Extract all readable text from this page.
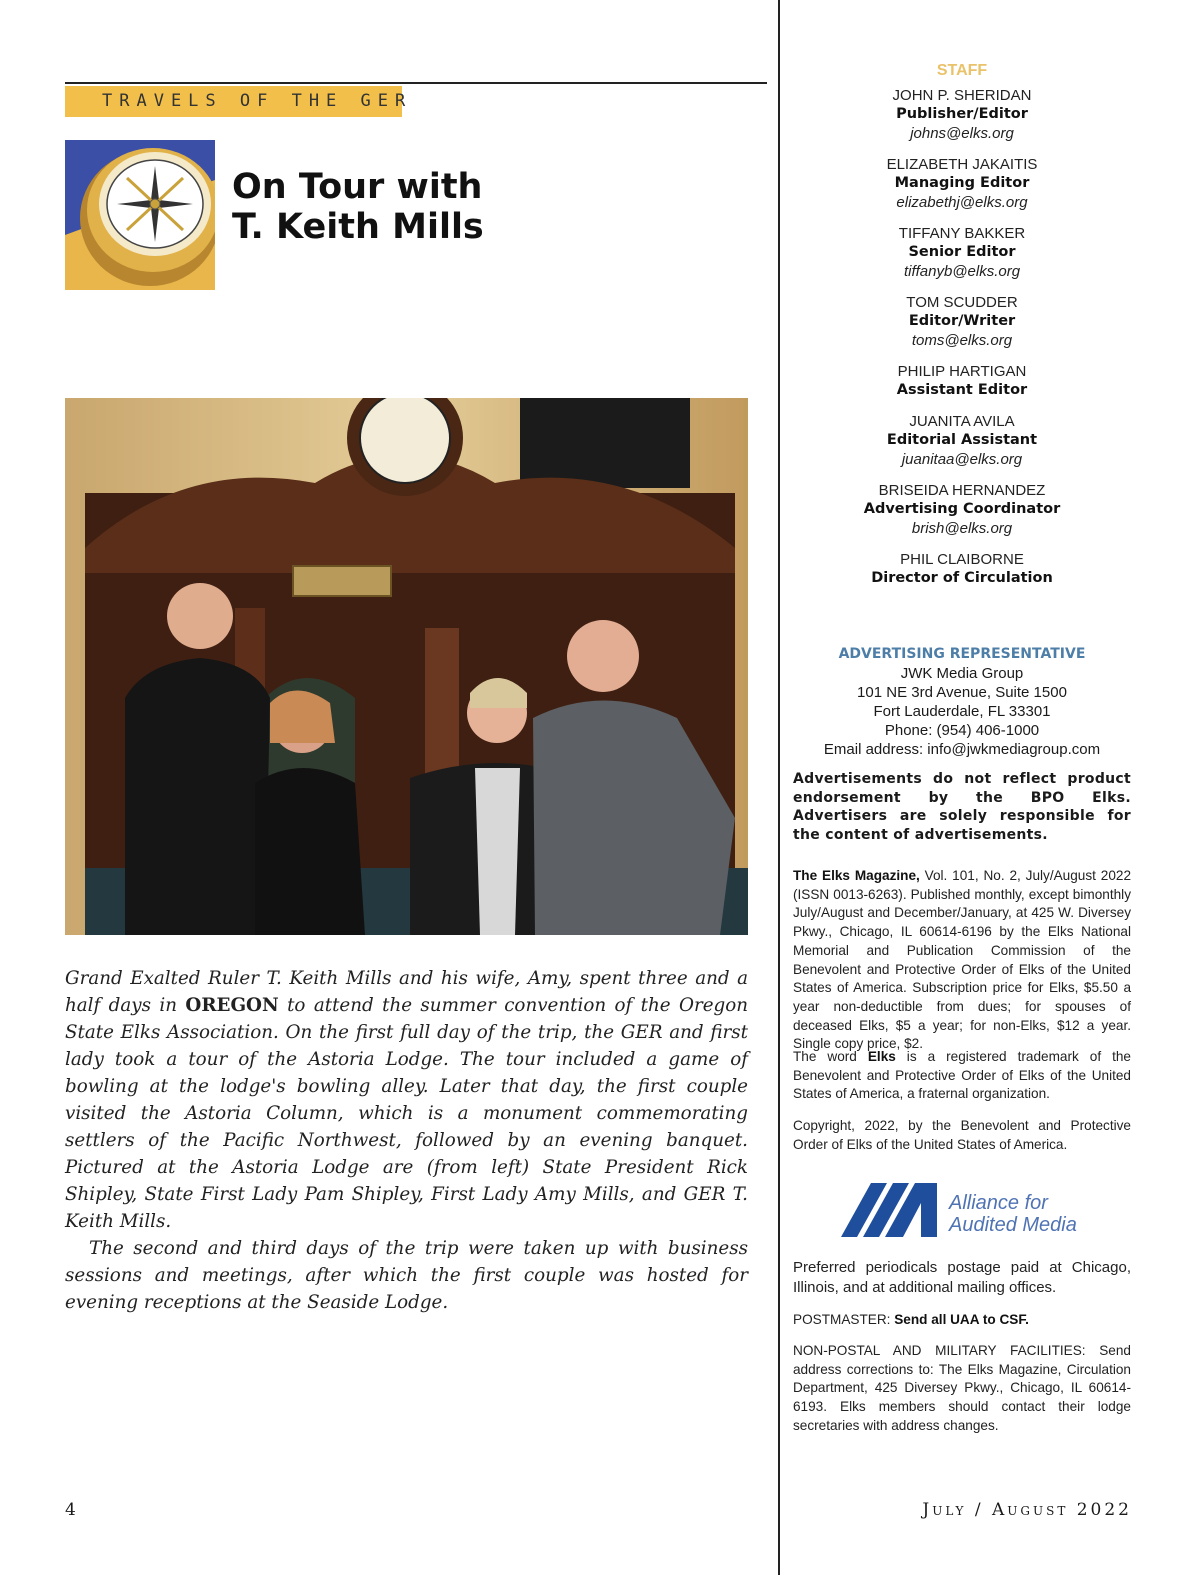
TRAVELS OF THE GER
On Tour with
T. Keith Mills

Grand Exalted Ruler T. Keith Mills and his wife, Amy, spent three and a half days in OREGON to attend the summer convention of the Oregon State Elks Association. On the first full day of the trip, the GER and first lady took a tour of the Astoria Lodge. The tour included a game of bowling at the lodge's bowling alley. Later that day, the first couple visited the Astoria Column, which is a monument commemorating settlers of the Pacific Northwest, followed by an evening banquet. Pictured at the Astoria Lodge are (from left) State President Rick Shipley, State First Lady Pam Shipley, First Lady Amy Mills, and GER T. Keith Mills.

The second and third days of the trip were taken up with business sessions and meetings, after which the first couple was hosted for evening receptions at the Seaside Lodge.

4	July / August 2022
STAFF
JOHN P. SHERIDAN
Publisher/Editor
johns@elks.org
ELIZABETH JAKAITIS
Managing Editor
elizabethj@elks.org
TIFFANY BAKKER
Senior Editor
tiffanyb@elks.org
TOM SCUDDER
Editor/Writer
toms@elks.org
PHILIP HARTIGAN
Assistant Editor
JUANITA AVILA
Editorial Assistant
juanitaa@elks.org
BRISEIDA HERNANDEZ
Advertising Coordinator
brish@elks.org
PHIL CLAIBORNE
Director of Circulation
ADVERTISING REPRESENTATIVE
JWK Media Group
101 NE 3rd Avenue, Suite 1500
Fort Lauderdale, FL 33301
Phone: (954) 406-1000
Email address: info@jwkmediagroup.com

Advertisements do not reflect product endorsement by the BPO Elks. Advertisers are solely responsible for the content of advertisements.

The Elks Magazine, Vol. 101, No. 2, July/August 2022 (ISSN 0013-6263). Published monthly, except bimonthly July/August and December/January, at 425 W. Diversey Pkwy., Chicago, IL 60614-6196 by the Elks National Memorial and Publication Commission of the Benevolent and Protective Order of Elks of the United States of America. Subscription price for Elks, $5.50 a year non-deductible from dues; for spouses of deceased Elks, $5 a year; for non-Elks, $12 a year. Single copy price, $2.

The word Elks is a registered trademark of the Benevolent and Protective Order of Elks of the United States of America, a fraternal organization.

Copyright, 2022, by the Benevolent and Protective Order of Elks of the United States of America.

Alliance for
Audited Media

Preferred periodicals postage paid at Chicago, Illinois, and at additional mailing offices.

POSTMASTER: Send all UAA to CSF.

NON-POSTAL AND MILITARY FACILITIES: Send address corrections to: The Elks Magazine, Circulation Department, 425 Diversey Pkwy., Chicago, IL 60614-6193. Elks members should contact their lodge secretaries with address changes.
